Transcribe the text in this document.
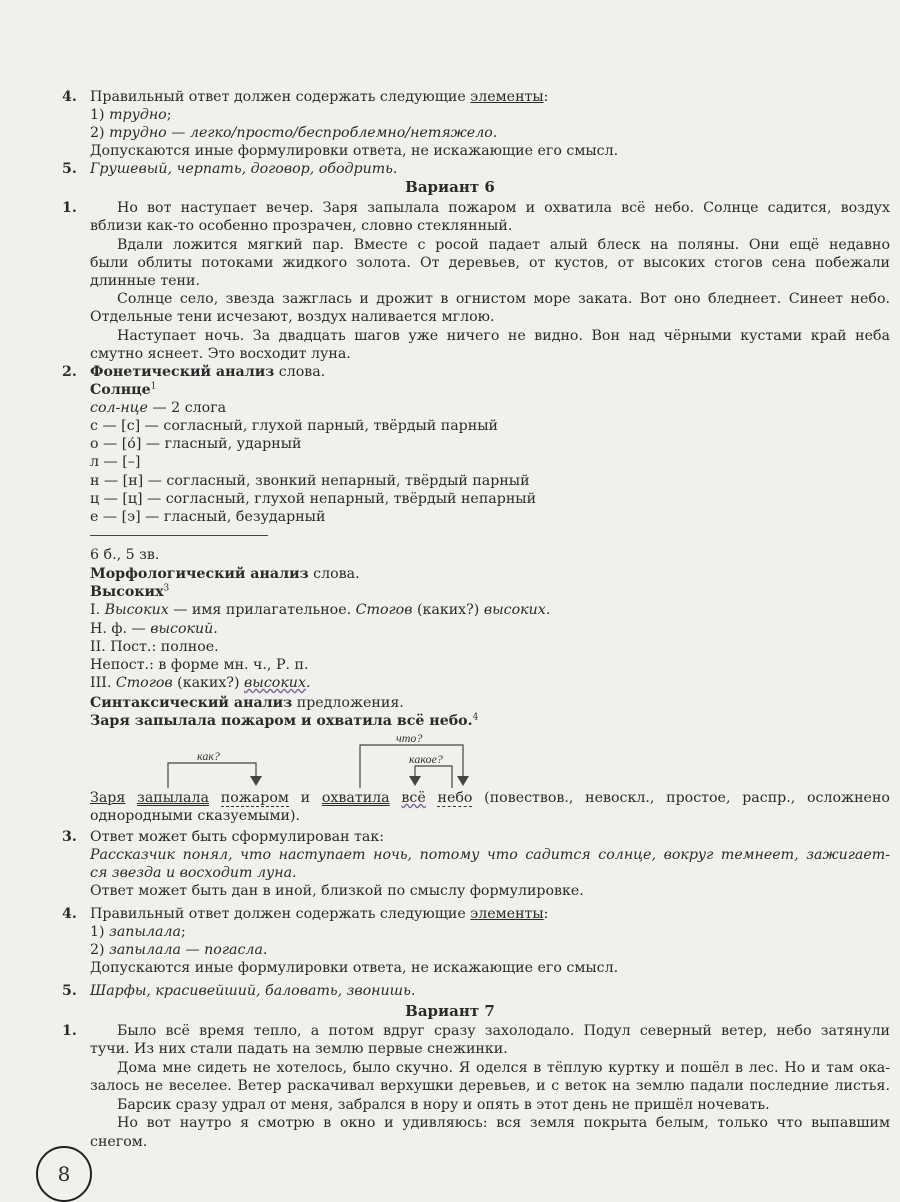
4. Правильный ответ должен содержать следующие элементы:
1) трудно;
2) трудно — легко/просто/беспроблемно/нетяжело.
Допускаются иные формулировки ответа, не искажающие его смысл.
5. Грушевый, черпать, договор, ободрить.
Вариант 6
1.	Но вот наступает вечер. Заря запылала пожаром и охватила всё небо. Солнце садится, воздух
вблизи как-то особенно прозрачен, словно стеклянный.
Вдали ложится мягкий пар. Вместе с росой падает алый блеск на поляны. Они ещё недавно
были облиты потоками жидкого золота. От деревьев, от кустов, от высоких стогов сена побежали
длинные тени.
Солнце село, звезда зажглась и дрожит в огнистом море заката. Вот оно бледнеет. Синеет небо.
Отдельные тени исчезают, воздух наливается мглою.
Наступает ночь. За двадцать шагов уже ничего не видно. Вон над чёрными кустами край неба
смутно яснеет. Это восходит луна.
2. Фонетический анализ слова.
Солнце$^1$
сол-нце — 2 слога
с — [с] — согласный, глухой парный, твёрдый парный
о — [о́] — гласный, ударный
л — [–]
н — [н] — согласный, звонкий непарный, твёрдый парный
ц — [ц] — согласный, глухой непарный, твёрдый непарный
е — [э] — гласный, безударный
6 б., 5 зв.
Морфологический анализ слова.
Высоких$^3$
I. Высоких — имя прилагательное. Стогов (каких?) высоких.
Н. ф. — высокий.
II. Пост.: полное.
Непост.: в форме мн. ч., Р. п.
III. Стогов (каких?) высоких.
Синтаксический анализ предложения.
Заря запылала пожаром и охватила всё небо.$^4$
как?
что?
какое?
Заря запылала пожаром и охватила всё небо (повествов., невоскл., простое, распр., осложнено
однородными сказуемыми).
3. Ответ может быть сформулирован так:
Рассказчик понял, что наступает ночь, потому что садится солнце, вокруг темнеет, зажигает-
ся звезда и восходит луна.
Ответ может быть дан в иной, близкой по смыслу формулировке.
4. Правильный ответ должен содержать следующие элементы:
1) запылала;
2) запылала — погасла.
Допускаются иные формулировки ответа, не искажающие его смысл.
5. Шарфы, красивейший, баловать, звонишь.
Вариант 7
1.	Было всё время тепло, а потом вдруг сразу захолодало. Подул северный ветер, небо затянули
тучи. Из них стали падать на землю первые снежинки.
Дома мне сидеть не хотелось, было скучно. Я оделся в тёплую куртку и пошёл в лес. Но и там ока-
залось не веселее. Ветер раскачивал верхушки деревьев, и с веток на землю падали последние листья.
Барсик сразу удрал от меня, забрался в нору и опять в этот день не пришёл ночевать.
Но вот наутро я смотрю в окно и удивляюсь: вся земля покрыта белым, только что выпавшим
снегом.
8
